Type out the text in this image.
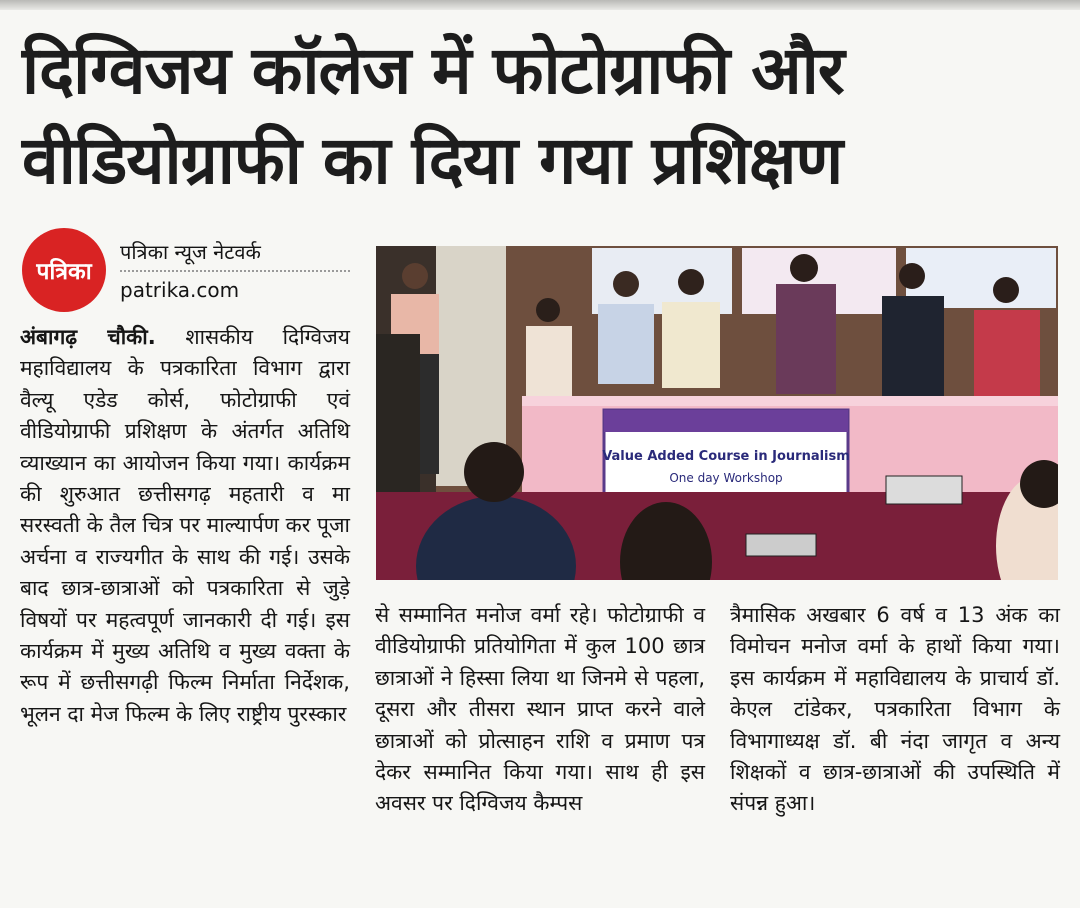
दिग्विजय कॉलेज में फोटोग्राफी और वीडियोग्राफी का दिया गया प्रशिक्षण
पत्रिका
पत्रिका न्यूज नेटवर्क
patrika.com
Value Added Course in Journalism
One day Workshop

अंबागढ़ चौकी. शासकीय दिग्विजय महाविद्यालय के पत्रकारिता विभाग द्वारा वैल्यू एडेड कोर्स, फोटोग्राफी एवं वीडियोग्राफी प्रशिक्षण के अंतर्गत अतिथि व्याख्यान का आयोजन किया गया। कार्यक्रम की शुरुआत छत्तीसगढ़ महतारी व मा सरस्वती के तैल चित्र पर माल्यार्पण कर पूजा अर्चना व राज्यगीत के साथ की गई। उसके बाद छात्र-छात्राओं को पत्रकारिता से जुड़े विषयों पर महत्वपूर्ण जानकारी दी गई। इस कार्यक्रम में मुख्य अतिथि व मुख्य वक्ता के रूप में छत्तीसगढ़ी फिल्म निर्माता निर्देशक, भूलन दा मेज फिल्म के लिए राष्ट्रीय पुरस्कार

से सम्मानित मनोज वर्मा रहे। फोटोग्राफी व वीडियोग्राफी प्रतियोगिता में कुल 100 छात्र छात्राओं ने हिस्सा लिया था जिनमे से पहला, दूसरा और तीसरा स्थान प्राप्त करने वाले छात्राओं को प्रोत्साहन राशि व प्रमाण पत्र देकर सम्मानित किया गया। साथ ही इस अवसर पर दिग्विजय कैम्पस

त्रैमासिक अखबार 6 वर्ष व 13 अंक का विमोचन मनोज वर्मा के हाथों किया गया। इस कार्यक्रम में महाविद्यालय के प्राचार्य डॉ. केएल टांडेकर, पत्रकारिता विभाग के विभागाध्यक्ष डॉ. बी नंदा जागृत व अन्य शिक्षकों व छात्र-छात्राओं की उपस्थिति में संपन्न हुआ।
